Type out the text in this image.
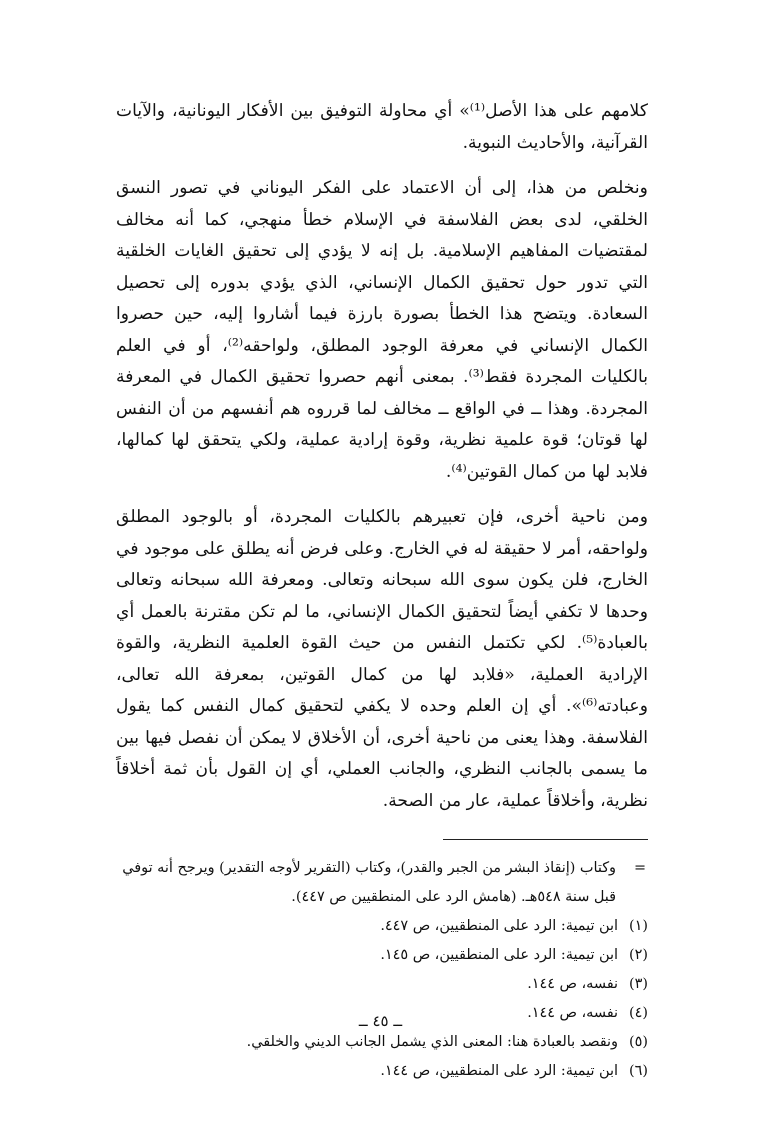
كلامهم على هذا الأصل⁽¹⁾» أي محاولة التوفيق بين الأفكار اليونانية، والآيات القرآنية، والأحاديث النبوية.

ونخلص من هذا، إلى أن الاعتماد على الفكر اليوناني في تصور النسق الخلقي، لدى بعض الفلاسفة في الإسلام خطأ منهجي، كما أنه مخالف لمقتضيات المفاهيم الإسلامية. بل إنه لا يؤدي إلى تحقيق الغايات الخلقية التي تدور حول تحقيق الكمال الإنساني، الذي يؤدي بدوره إلى تحصيل السعادة. ويتضح هذا الخطأ بصورة بارزة فيما أشاروا إليه، حين حصروا الكمال الإنساني في معرفة الوجود المطلق، ولواحقه⁽²⁾، أو في العلم بالكليات المجردة فقط⁽³⁾. بمعنى أنهم حصروا تحقيق الكمال في المعرفة المجردة. وهذا ــ في الواقع ــ مخالف لما قرروه هم أنفسهم من أن النفس لها قوتان؛ قوة علمية نظرية، وقوة إرادية عملية، ولكي يتحقق لها كمالها، فلابد لها من كمال القوتين⁽⁴⁾.

ومن ناحية أخرى، فإن تعبيرهم بالكليات المجردة، أو بالوجود المطلق ولواحقه، أمر لا حقيقة له في الخارج. وعلى فرض أنه يطلق على موجود في الخارج، فلن يكون سوى الله سبحانه وتعالى. ومعرفة الله سبحانه وتعالى وحدها لا تكفي أيضاً لتحقيق الكمال الإنساني، ما لم تكن مقترنة بالعمل أي بالعبادة⁽⁵⁾. لكي تكتمل النفس من حيث القوة العلمية النظرية، والقوة الإرادية العملية، «فلابد لها من كمال القوتين، بمعرفة الله تعالى، وعبادته⁽⁶⁾». أي إن العلم وحده لا يكفي لتحقيق كمال النفس كما يقول الفلاسفة. وهذا يعنى من ناحية أخرى، أن الأخلاق لا يمكن أن نفصل فيها بين ما يسمى بالجانب النظري، والجانب العملي، أي إن القول بأن ثمة أخلاقاً نظرية، وأخلاقاً عملية، عار من الصحة.

=وكتاب (إنقاذ البشر من الجبر والقدر)، وكتاب (التقرير لأوجه التقدير) ويرجح أنه توفي

قبل سنة ٥٤٨هـ. (هامش الرد على المنطقيين ص ٤٤٧).

(١)ابن تيمية: الرد على المنطقيين، ص ٤٤٧.

(٢)ابن تيمية: الرد على المنطقيين، ص ١٤٥.

(٣)نفسه، ص ١٤٤.

(٤)نفسه، ص ١٤٤.

(٥)ونقصد بالعبادة هنا: المعنى الذي يشمل الجانب الديني والخلقي.

(٦)ابن تيمية: الرد على المنطقيين، ص ١٤٤.

ــ ٤٥ ــ
